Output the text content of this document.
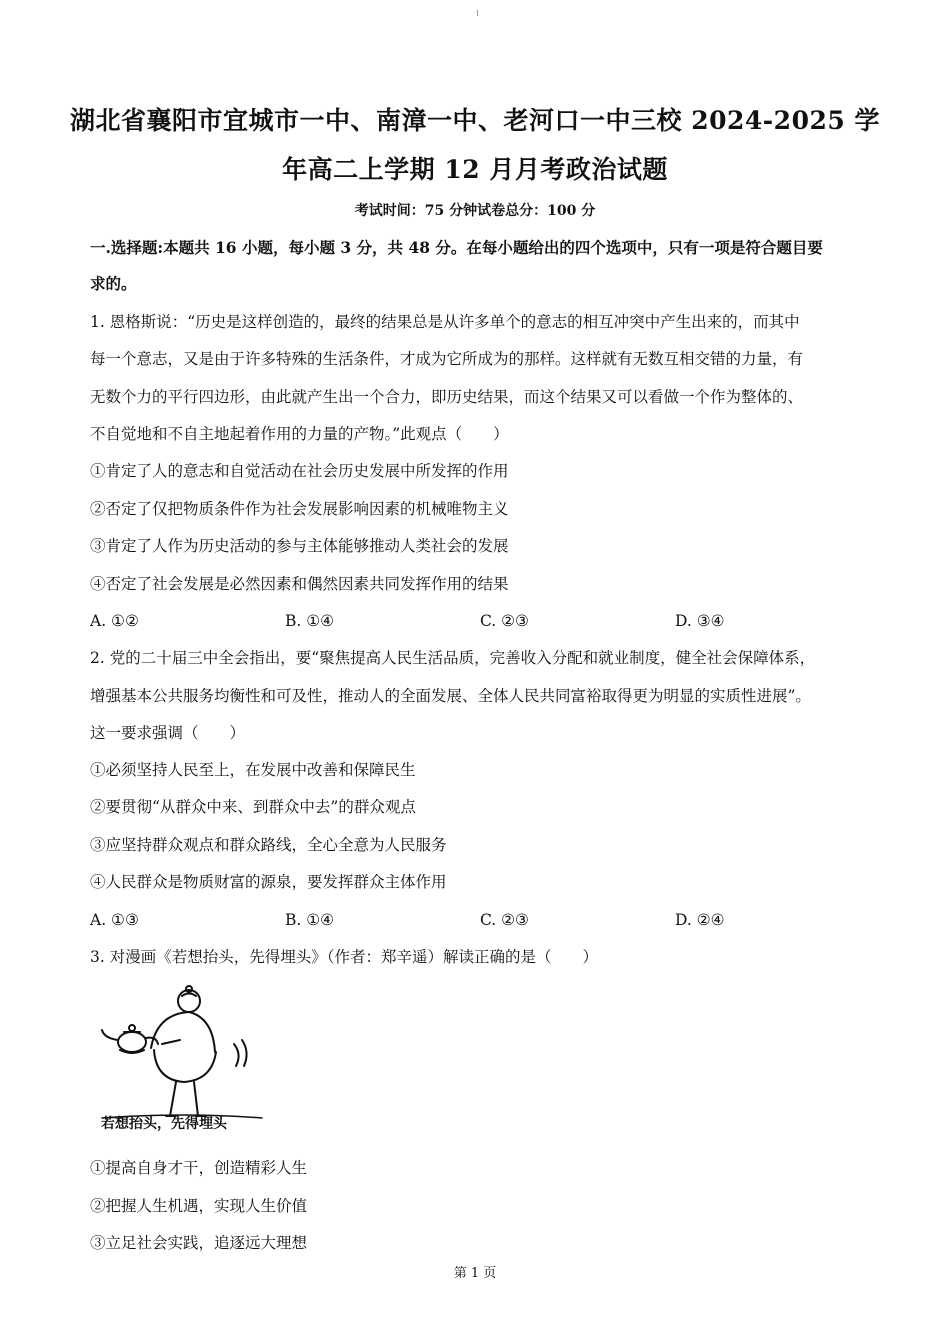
湖北省襄阳市宜城市一中、南漳一中、老河口一中三校 2024-2025 学
年高二上学期 12 月月考政治试题
考试时间：75 分钟试卷总分：100 分
一.选择题:本题共 16 小题，每小题 3 分，共 48 分。在每小题给出的四个选项中，只有一项是符合题目要
求的。
1. 恩格斯说：“历史是这样创造的，最终的结果总是从许多单个的意志的相互冲突中产生出来的，而其中
每一个意志，又是由于许多特殊的生活条件，才成为它所成为的那样。这样就有无数互相交错的力量，有
无数个力的平行四边形，由此就产生出一个合力，即历史结果，而这个结果又可以看做一个作为整体的、
不自觉地和不自主地起着作用的力量的产物。”此观点（　　）
①肯定了人的意志和自觉活动在社会历史发展中所发挥的作用
②否定了仅把物质条件作为社会发展影响因素的机械唯物主义
③肯定了人作为历史活动的参与主体能够推动人类社会的发展
④否定了社会发展是必然因素和偶然因素共同发挥作用的结果
A. ①②	B. ①④	C. ②③	D. ③④
2. 党的二十届三中全会指出，要“聚焦提高人民生活品质，完善收入分配和就业制度，健全社会保障体系，
增强基本公共服务均衡性和可及性，推动人的全面发展、全体人民共同富裕取得更为明显的实质性进展”。
这一要求强调（　　）
①必须坚持人民至上，在发展中改善和保障民生
②要贯彻“从群众中来、到群众中去”的群众观点
③应坚持群众观点和群众路线，全心全意为人民服务
④人民群众是物质财富的源泉，要发挥群众主体作用
A. ①③	B. ①④	C. ②③	D. ②④
3. 对漫画《若想抬头，先得埋头》（作者：郑辛遥）解读正确的是（　　）
若想抬头，先得埋头
①提高自身才干，创造精彩人生
②把握人生机遇，实现人生价值
③立足社会实践，追逐远大理想
第 1 页
